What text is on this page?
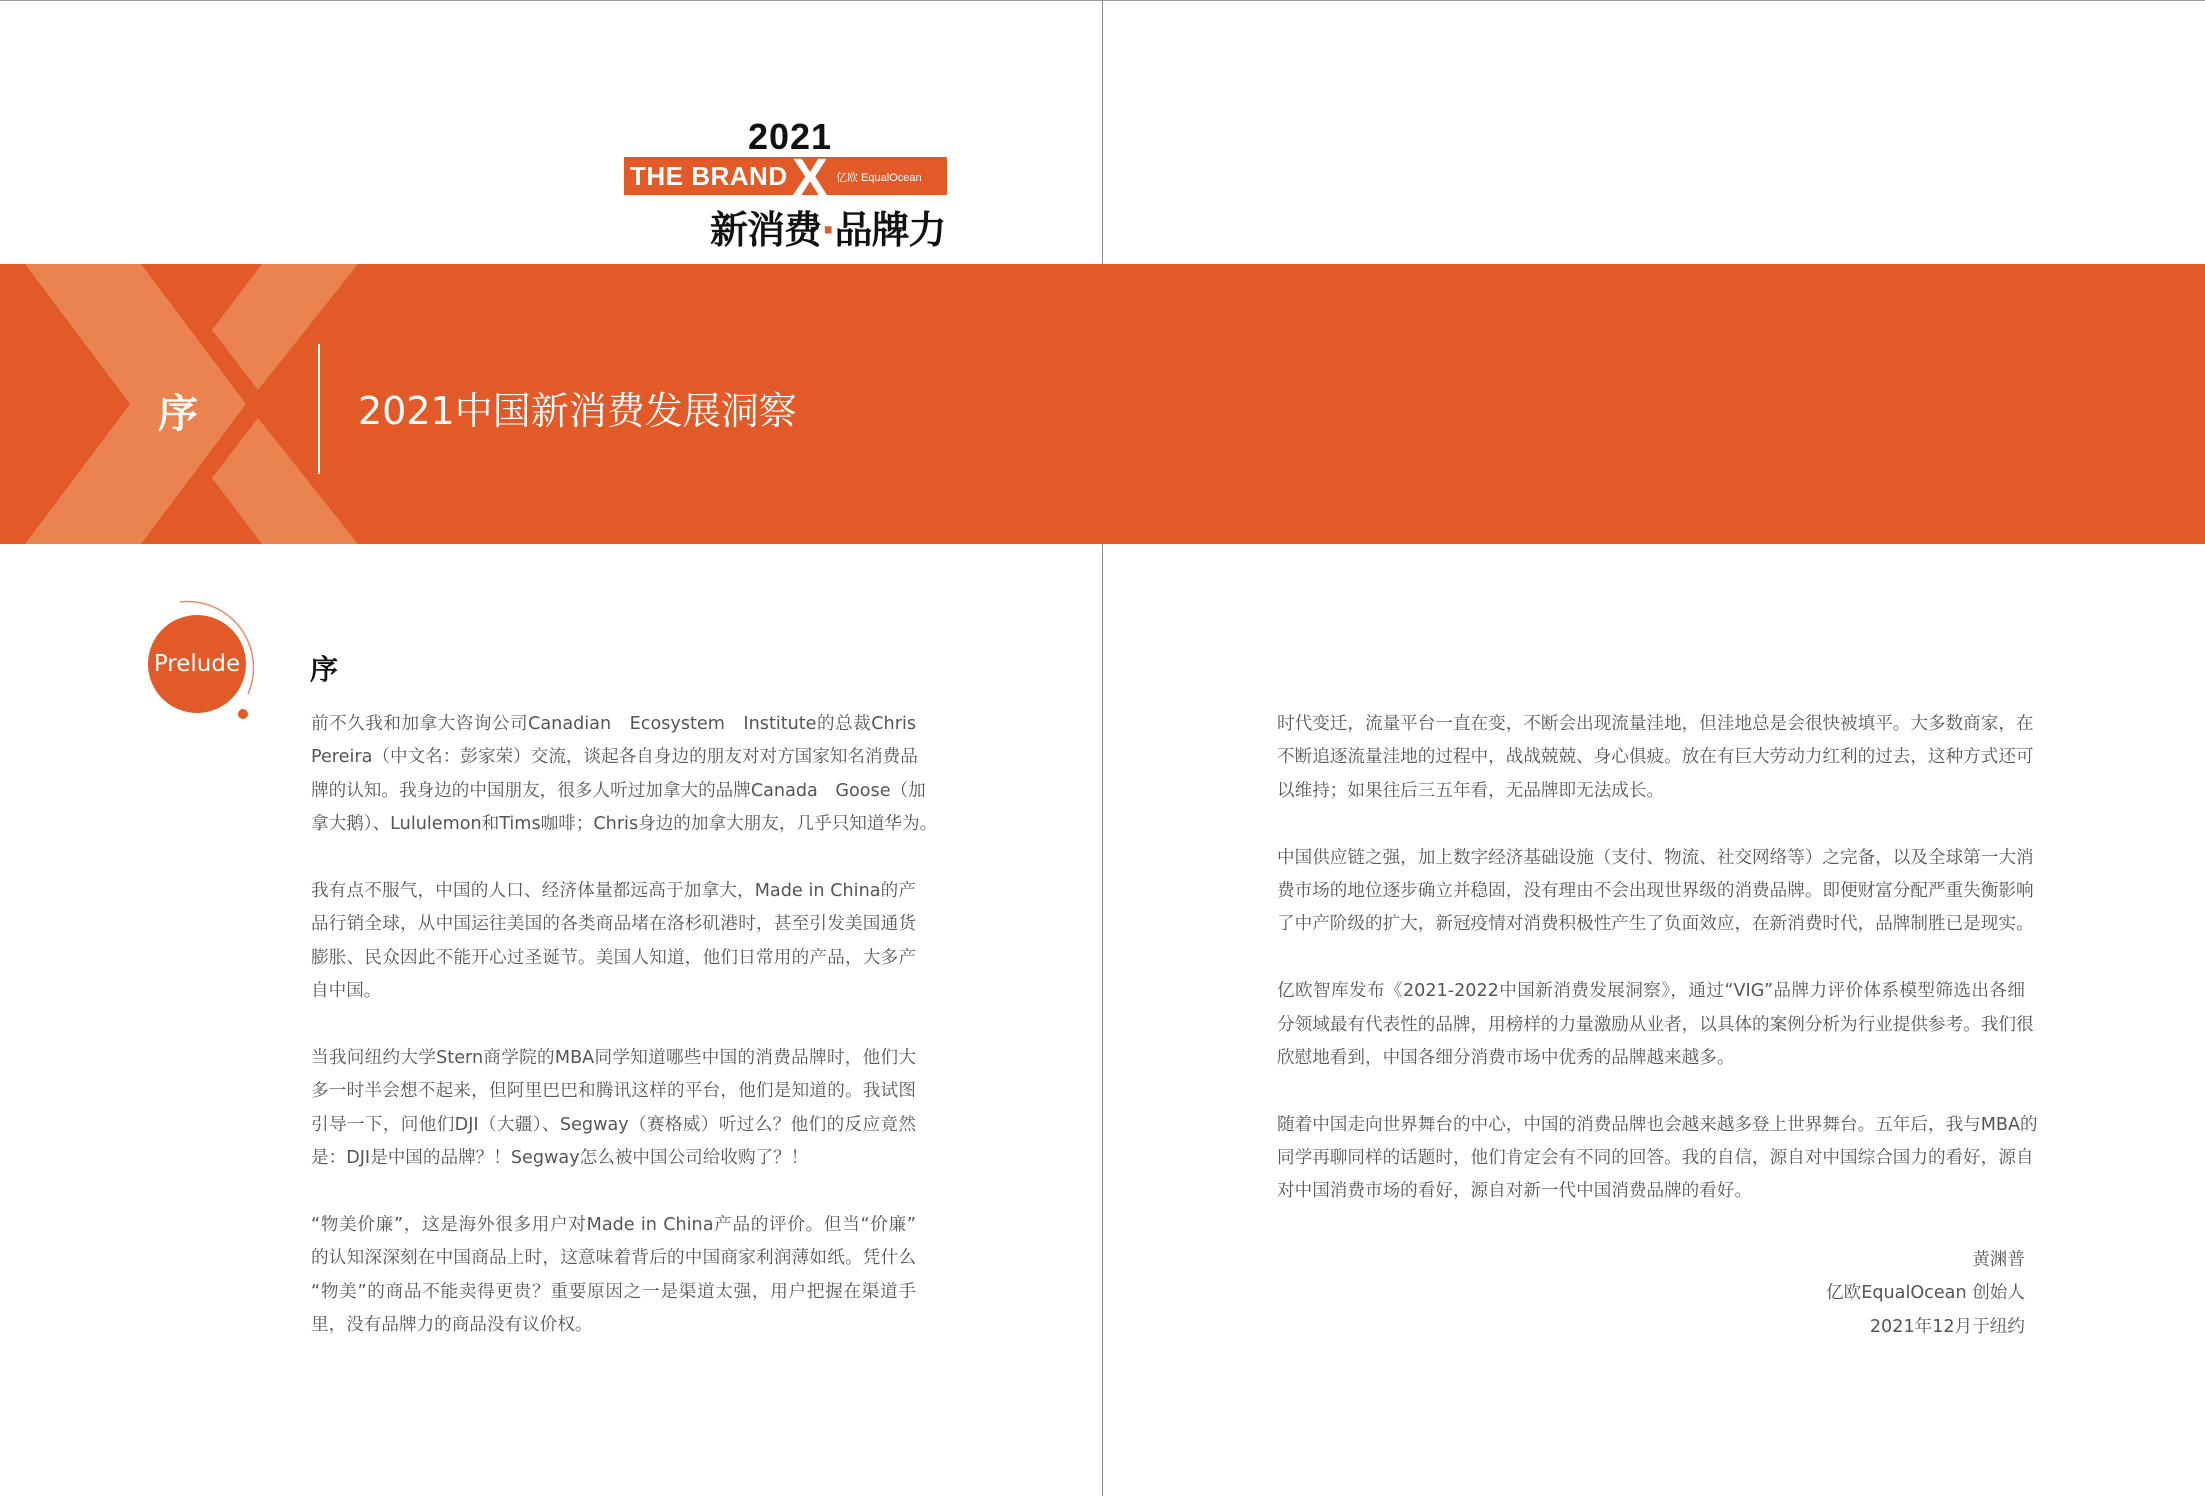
2021
THE BRAND X 亿欧 EqualOcean
新消费·品牌力
序	2021中国新消费发展洞察
Prelude 序
前不久我和加拿大咨询公司Canadian　Ecosystem　Institute的总裁Chris
Pereira（中文名：彭家荣）交流，谈起各自身边的朋友对对方国家知名消费品
牌的认知。我身边的中国朋友，很多人听过加拿大的品牌Canada　Goose（加
拿大鹅）、Lululemon和Tims咖啡；Chris身边的加拿大朋友，几乎只知道华为。
我有点不服气，中国的人口、经济体量都远高于加拿大，Made in China的产
品行销全球，从中国运往美国的各类商品堵在洛杉矶港时，甚至引发美国通货
膨胀、民众因此不能开心过圣诞节。美国人知道，他们日常用的产品，大多产
自中国。
当我问纽约大学Stern商学院的MBA同学知道哪些中国的消费品牌时，他们大
多一时半会想不起来，但阿里巴巴和腾讯这样的平台，他们是知道的。我试图
引导一下，问他们DJI（大疆）、Segway（赛格威）听过么？他们的反应竟然
是：DJI是中国的品牌？！Segway怎么被中国公司给收购了？！
“物美价廉”，这是海外很多用户对Made in China产品的评价。但当“价廉”
的认知深深刻在中国商品上时，这意味着背后的中国商家利润薄如纸。凭什么
“物美”的商品不能卖得更贵？重要原因之一是渠道太强，用户把握在渠道手
里，没有品牌力的商品没有议价权。
时代变迁，流量平台一直在变，不断会出现流量洼地，但洼地总是会很快被填平。大多数商家，在
不断追逐流量洼地的过程中，战战兢兢、身心俱疲。放在有巨大劳动力红利的过去，这种方式还可
以维持；如果往后三五年看，无品牌即无法成长。
中国供应链之强，加上数字经济基础设施（支付、物流、社交网络等）之完备，以及全球第一大消
费市场的地位逐步确立并稳固，没有理由不会出现世界级的消费品牌。即便财富分配严重失衡影响
了中产阶级的扩大，新冠疫情对消费积极性产生了负面效应，在新消费时代，品牌制胜已是现实。
亿欧智库发布《2021-2022中国新消费发展洞察》，通过“VIG”品牌力评价体系模型筛选出各细
分领域最有代表性的品牌，用榜样的力量激励从业者，以具体的案例分析为行业提供参考。我们很
欣慰地看到，中国各细分消费市场中优秀的品牌越来越多。
随着中国走向世界舞台的中心，中国的消费品牌也会越来越多登上世界舞台。五年后，我与MBA的
同学再聊同样的话题时，他们肯定会有不同的回答。我的自信，源自对中国综合国力的看好，源自
对中国消费市场的看好，源自对新一代中国消费品牌的看好。
黄渊普
亿欧EqualOcean 创始人
2021年12月于纽约
